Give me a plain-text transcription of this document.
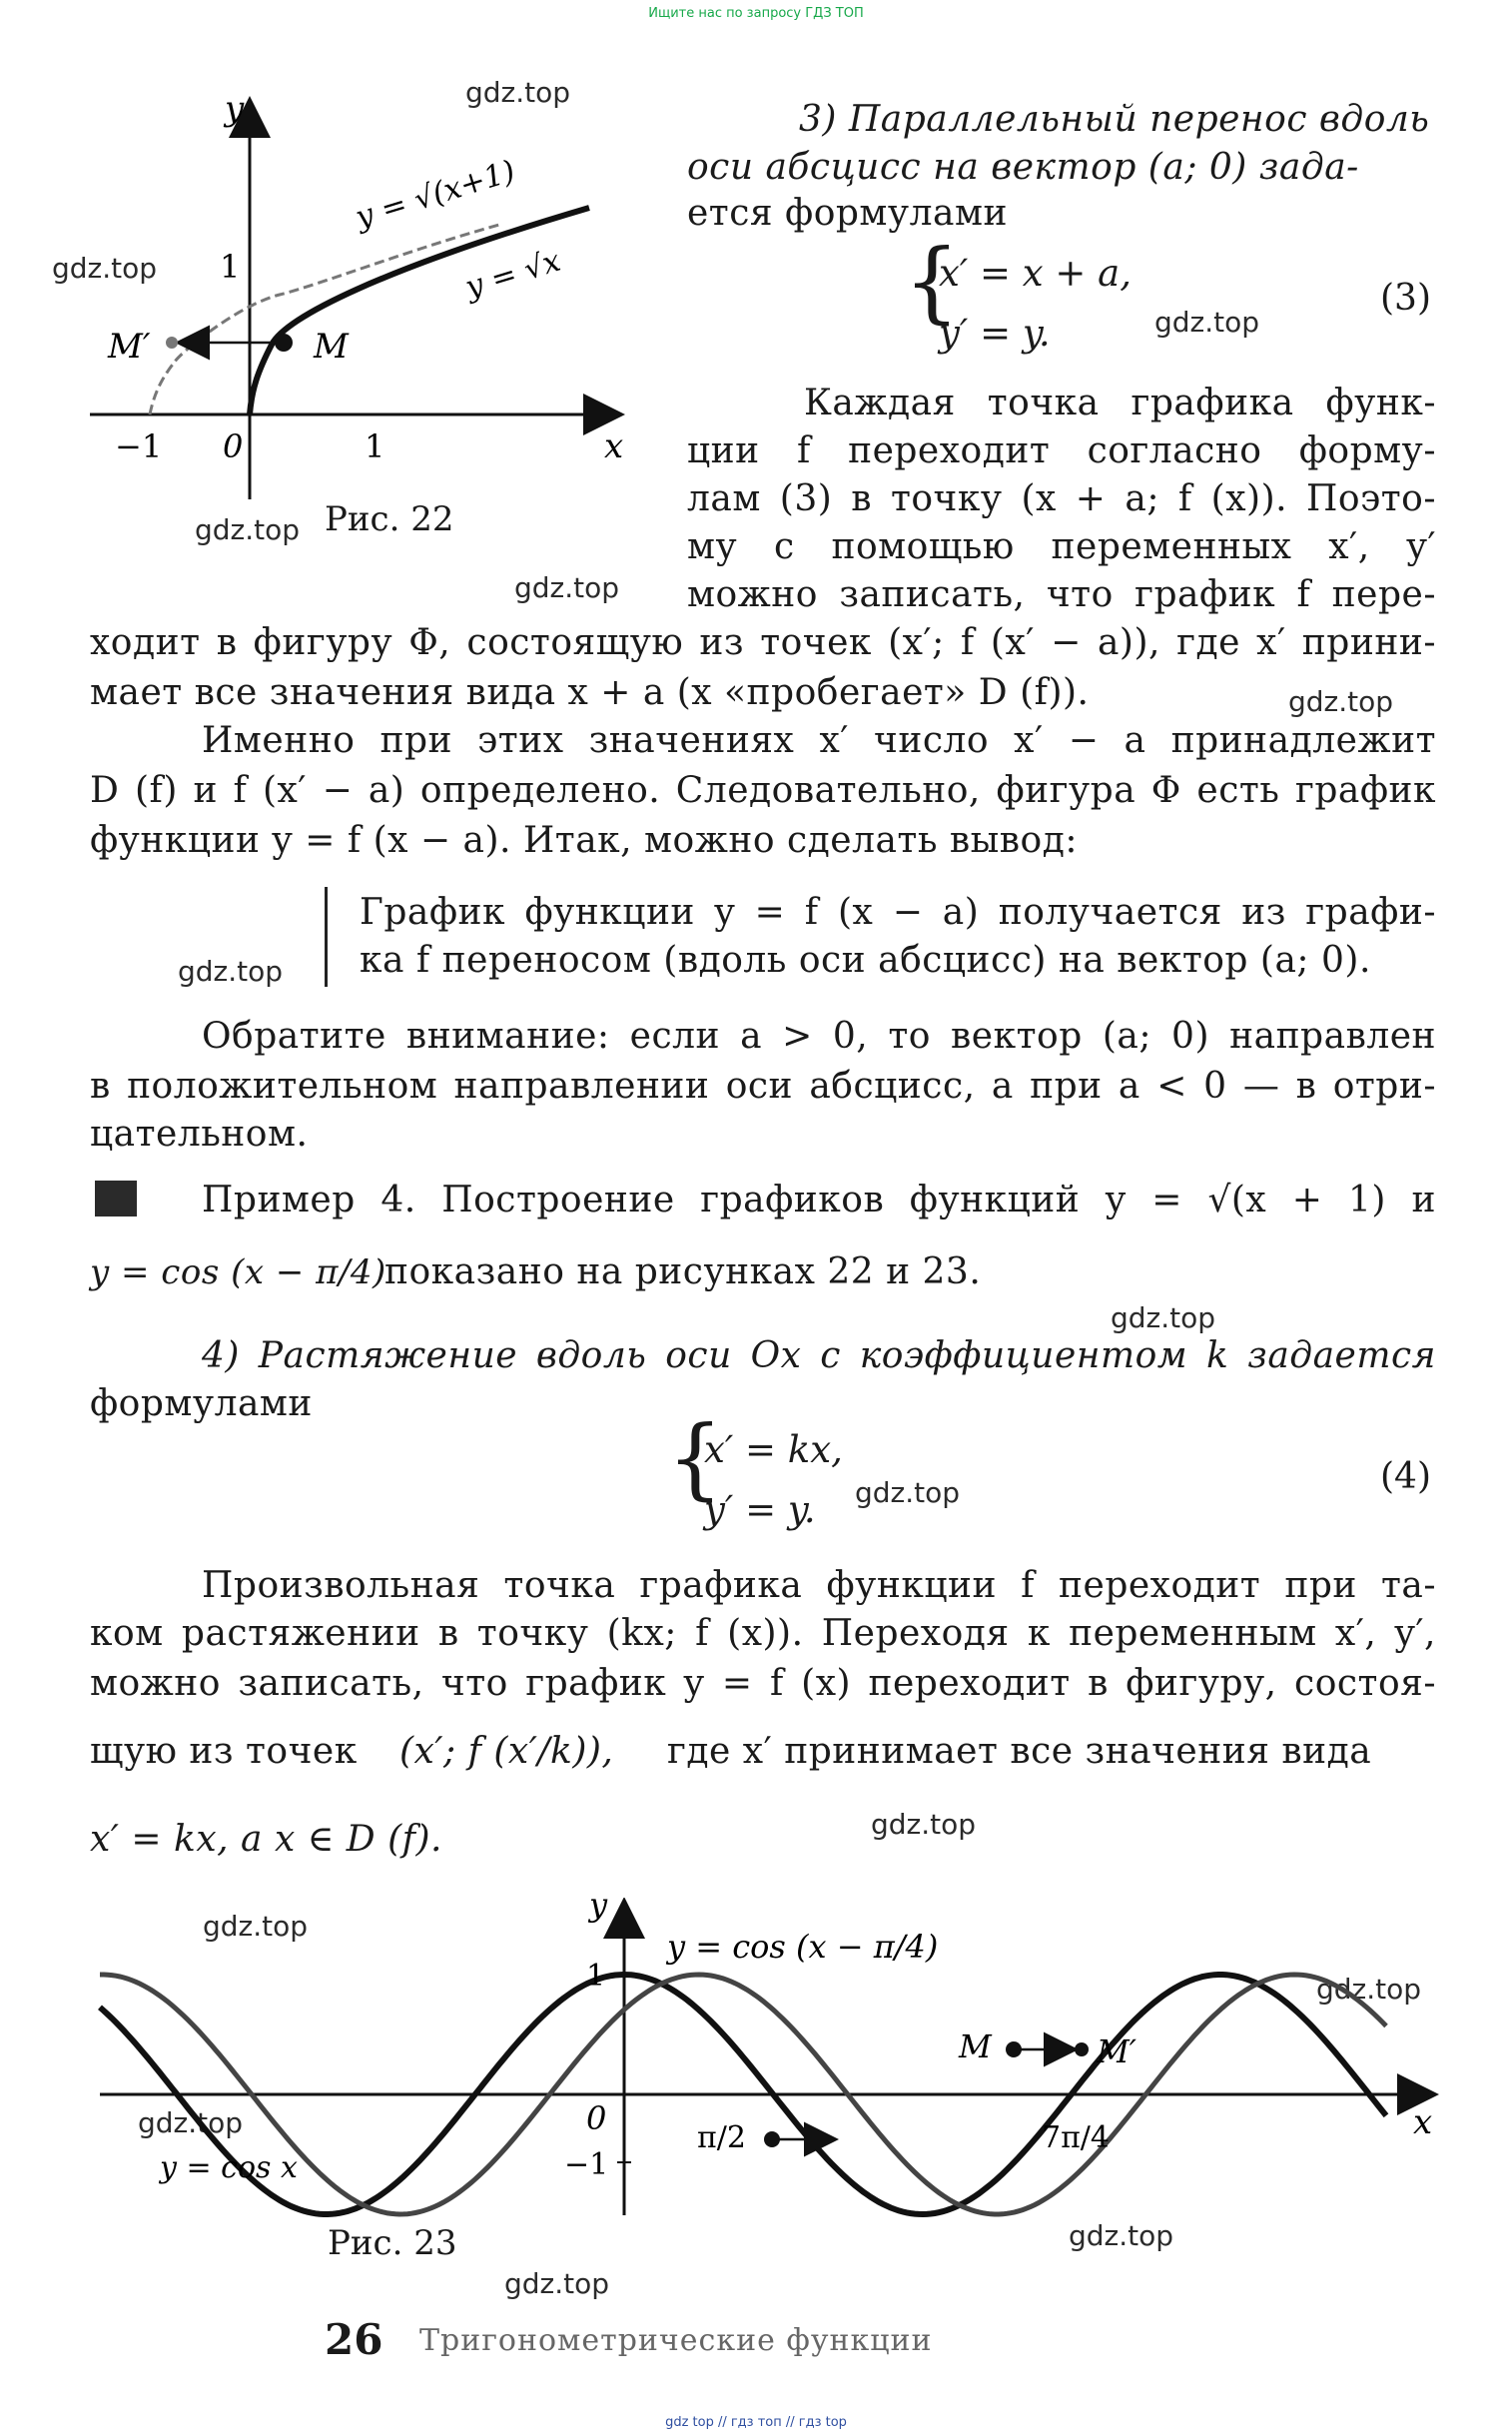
Ищите нас по запросу ГДЗ ТОП
gdz top // гдз топ // гдз top
gdz.top
gdz.top
gdz.top
gdz.top
gdz.top
gdz.top
gdz.top
gdz.top
gdz.top
gdz.top
gdz.top
gdz.top
gdz.top
gdz.top
gdz.top
y
x
1
−1 0	1
M
M′
y = √(x+1)
y = √x
Рис. 22
3) Параллельный перенос вдоль
оси абсцисс на вектор (a; 0) зада-
ется формулами
{
x′ = x + a,
y′ = y.
(3)
Каждая точка графика функ-
ции f переходит согласно форму-
лам (3) в точку (x + a; f (x)). Поэто-
му с помощью переменных x′, y′
можно записать, что график f пере-
ходит в фигуру Φ, состоящую из точек (x′; f (x′ − a)), где x′ прини-
мает все значения вида x + a (x «пробегает» D (f)).
Именно при этих значениях x′ число x′ − a принадлежит
D (f) и f (x′ − a) определено. Следовательно, фигура Φ есть график
функции y = f (x − a). Итак, можно сделать вывод:
График функции y = f (x − a) получается из графи-
ка f переносом (вдоль оси абсцисс) на вектор (a; 0).
Обратите внимание: если a > 0, то вектор (a; 0) направлен
в положительном направлении оси абсцисс, а при a < 0 — в отри-
цательном.
Пример 4. Построение графиков функций y = √(x + 1) и
y = cos (x − π/4)
показано на рисунках 22 и 23.
4) Растяжение вдоль оси Ox с коэффициентом k задается
формулами
{
x′ = kx,
y′ = y.
(4)
Произвольная точка графика функции f переходит при та-
ком растяжении в точку (kx; f (x)). Переходя к переменным x′, y′,
можно записать, что график y = f (x) переходит в фигуру, состоя-
щую из точек (x′; f (x′/k)), где x′ принимает все значения вида
x′ = kx, a x ∈ D (f).
y
x
1
0
−1
π/2	7π/4
M	M′
y = cos (x − π/4)
y = cos x
Рис. 23
26 Тригонометрические функции
